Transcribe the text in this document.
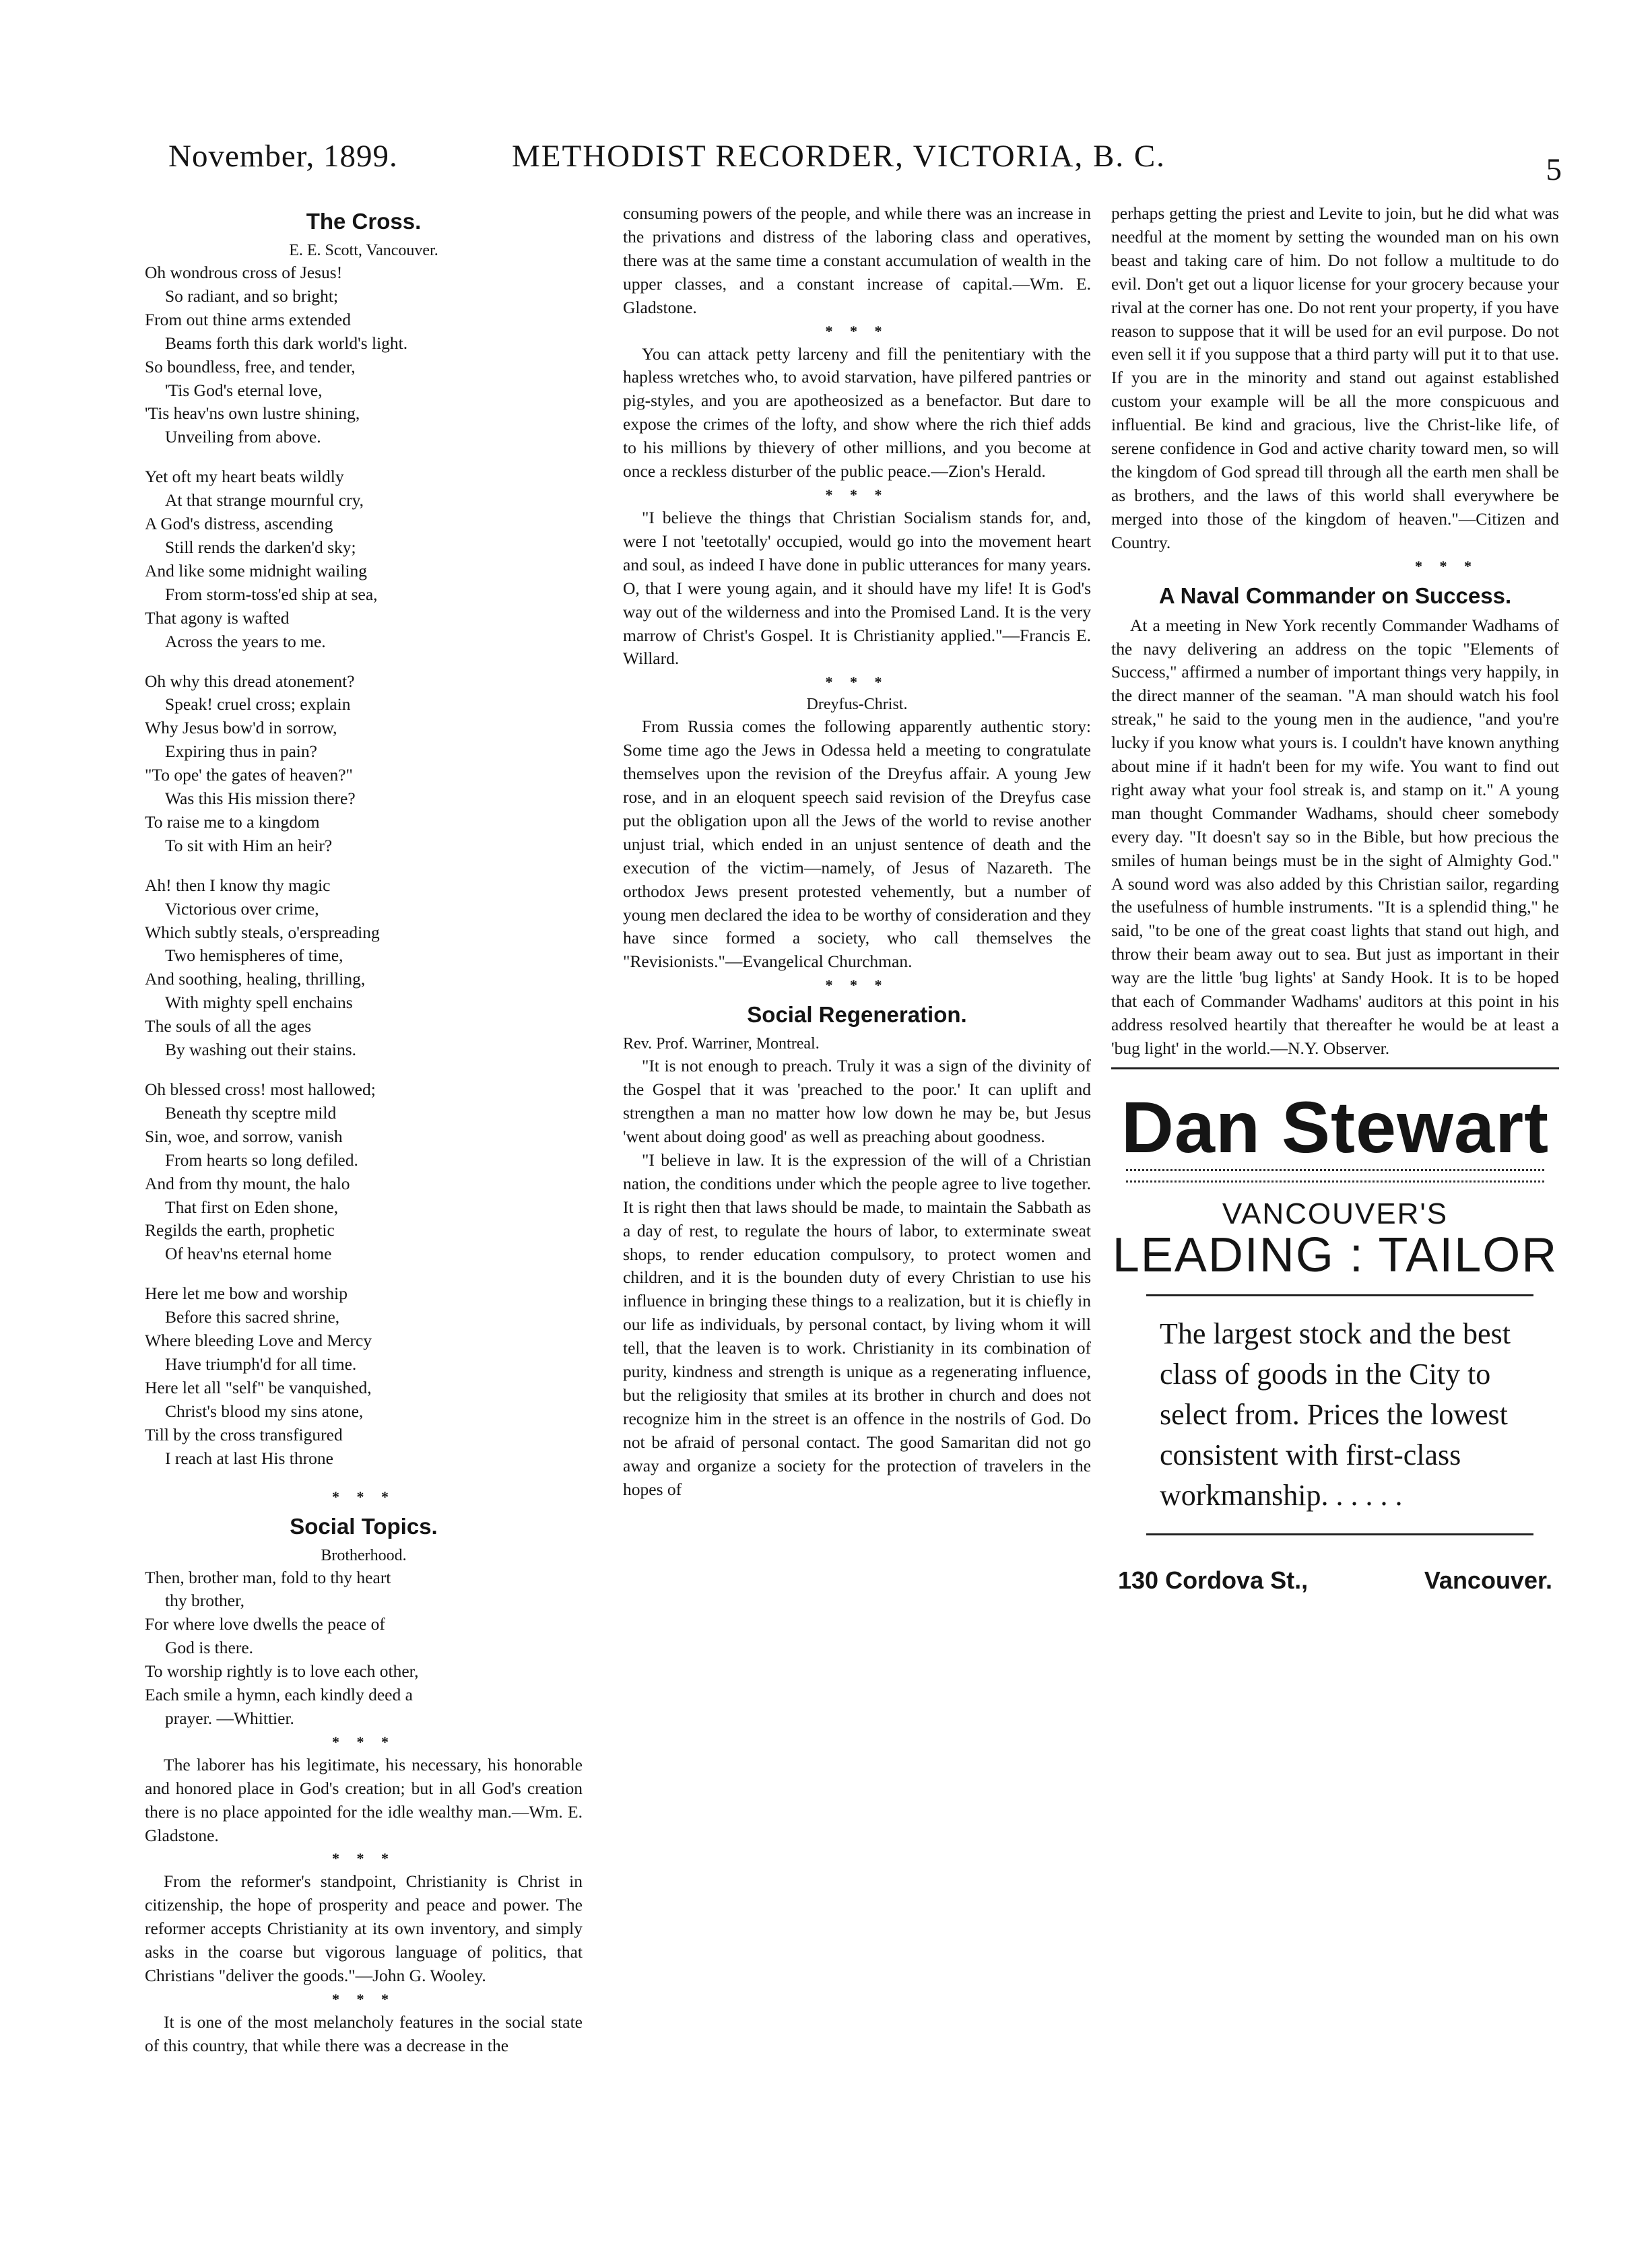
November, 1899.	METHODIST RECORDER, VICTORIA, B. C.	5
The Cross.
E. E. Scott, Vancouver.
Oh wondrous cross of Jesus!
So radiant, and so bright;
From out thine arms extended
Beams forth this dark world's light.
So boundless, free, and tender,
'Tis God's eternal love,
'Tis heav'ns own lustre shining,
Unveiling from above.
Yet oft my heart beats wildly
At that strange mournful cry,
A God's distress, ascending
Still rends the darken'd sky;
And like some midnight wailing
From storm-toss'ed ship at sea,
That agony is wafted
Across the years to me.
Oh why this dread atonement?
Speak! cruel cross; explain
Why Jesus bow'd in sorrow,
Expiring thus in pain?
"To ope' the gates of heaven?"
Was this His mission there?
To raise me to a kingdom
To sit with Him an heir?
Ah! then I know thy magic
Victorious over crime,
Which subtly steals, o'erspreading
Two hemispheres of time,
And soothing, healing, thrilling,
With mighty spell enchains
The souls of all the ages
By washing out their stains.
Oh blessed cross! most hallowed;
Beneath thy sceptre mild
Sin, woe, and sorrow, vanish
From hearts so long defiled.
And from thy mount, the halo
That first on Eden shone,
Regilds the earth, prophetic
Of heav'ns eternal home
Here let me bow and worship
Before this sacred shrine,
Where bleeding Love and Mercy
Have triumph'd for all time.
Here let all "self" be vanquished,
Christ's blood my sins atone,
Till by the cross transfigured
I reach at last His throne
* * *
Social Topics.
Brotherhood.
Then, brother man, fold to thy heart
thy brother,
For where love dwells the peace of
God is there.
To worship rightly is to love each other,
Each smile a hymn, each kindly deed a
prayer. —Whittier.
* * *

The laborer has his legitimate, his necessary, his honorable and honored place in God's creation; but in all God's creation there is no place appointed for the idle wealthy man.—Wm. E. Gladstone.

* * *

From the reformer's standpoint, Christianity is Christ in citizenship, the hope of prosperity and peace and power. The reformer accepts Christianity at its own inventory, and simply asks in the coarse but vigorous language of politics, that Christians "deliver the goods."—John G. Wooley.

* * *

It is one of the most melancholy features in the social state of this country, that while there was a decrease in the

consuming powers of the people, and while there was an increase in the privations and distress of the laboring class and operatives, there was at the same time a constant accumulation of wealth in the upper classes, and a constant increase of capital.—Wm. E. Gladstone.

* * *

You can attack petty larceny and fill the penitentiary with the hapless wretches who, to avoid starvation, have pilfered pantries or pig-styles, and you are apotheosized as a benefactor. But dare to expose the crimes of the lofty, and show where the rich thief adds to his millions by thievery of other millions, and you become at once a reckless disturber of the public peace.—Zion's Herald.

* * *

"I believe the things that Christian Socialism stands for, and, were I not 'teetotally' occupied, would go into the movement heart and soul, as indeed I have done in public utterances for many years. O, that I were young again, and it should have my life! It is God's way out of the wilderness and into the Promised Land. It is the very marrow of Christ's Gospel. It is Christianity applied."—Francis E. Willard.

* * *
Dreyfus-Christ.

From Russia comes the following apparently authentic story: Some time ago the Jews in Odessa held a meeting to congratulate themselves upon the revision of the Dreyfus affair. A young Jew rose, and in an eloquent speech said revision of the Dreyfus case put the obligation upon all the Jews of the world to revise another unjust trial, which ended in an unjust sentence of death and the execution of the victim—namely, of Jesus of Nazareth. The orthodox Jews present protested vehemently, but a number of young men declared the idea to be worthy of consideration and they have since formed a society, who call themselves the "Revisionists."—Evangelical Churchman.

* * *
Social Regeneration.
Rev. Prof. Warriner, Montreal.

"It is not enough to preach. Truly it was a sign of the divinity of the Gospel that it was 'preached to the poor.' It can uplift and strengthen a man no matter how low down he may be, but Jesus 'went about doing good' as well as preaching about goodness.

"I believe in law. It is the expression of the will of a Christian nation, the conditions under which the people agree to live together. It is right then that laws should be made, to maintain the Sabbath as a day of rest, to regulate the hours of labor, to exterminate sweat shops, to render education compulsory, to protect women and children, and it is the bounden duty of every Christian to use his influence in bringing these things to a realization, but it is chiefly in our life as individuals, by personal contact, by living whom it will tell, that the leaven is to work. Christianity in its combination of purity, kindness and strength is unique as a regenerating influence, but the religiosity that smiles at its brother in church and does not recognize him in the street is an offence in the nostrils of God. Do not be afraid of personal contact. The good Samaritan did not go away and organize a society for the protection of travelers in the hopes of

perhaps getting the priest and Levite to join, but he did what was needful at the moment by setting the wounded man on his own beast and taking care of him. Do not follow a multitude to do evil. Don't get out a liquor license for your grocery because your rival at the corner has one. Do not rent your property, if you have reason to suppose that it will be used for an evil purpose. Do not even sell it if you suppose that a third party will put it to that use. If you are in the minority and stand out against established custom your example will be all the more conspicuous and influential. Be kind and gracious, live the Christ-like life, of serene confidence in God and active charity toward men, so will the kingdom of God spread till through all the earth men shall be as brothers, and the laws of this world shall everywhere be merged into those of the kingdom of heaven."—Citizen and Country.

* * *
A Naval Commander on Success.

At a meeting in New York recently Commander Wadhams of the navy delivering an address on the topic "Elements of Success," affirmed a number of important things very happily, in the direct manner of the seaman. "A man should watch his fool streak," he said to the young men in the audience, "and you're lucky if you know what yours is. I couldn't have known anything about mine if it hadn't been for my wife. You want to find out right away what your fool streak is, and stamp on it." A young man thought Commander Wadhams, should cheer somebody every day. "It doesn't say so in the Bible, but how precious the smiles of human beings must be in the sight of Almighty God." A sound word was also added by this Christian sailor, regarding the usefulness of humble instruments. "It is a splendid thing," he said, "to be one of the great coast lights that stand out high, and throw their beam away out to sea. But just as important in their way are the little 'bug lights' at Sandy Hook. It is to be hoped that each of Commander Wadhams' auditors at this point in his address resolved heartily that thereafter he would be at least a 'bug light' in the world.—N.Y. Observer.

Dan Stewart
VANCOUVER'S
LEADING : TAILOR
The largest stock and the best class of goods in the City to select from. Prices the lowest consistent with first-class workmanship. . . . . .
130 Cordova St.,	Vancouver.
